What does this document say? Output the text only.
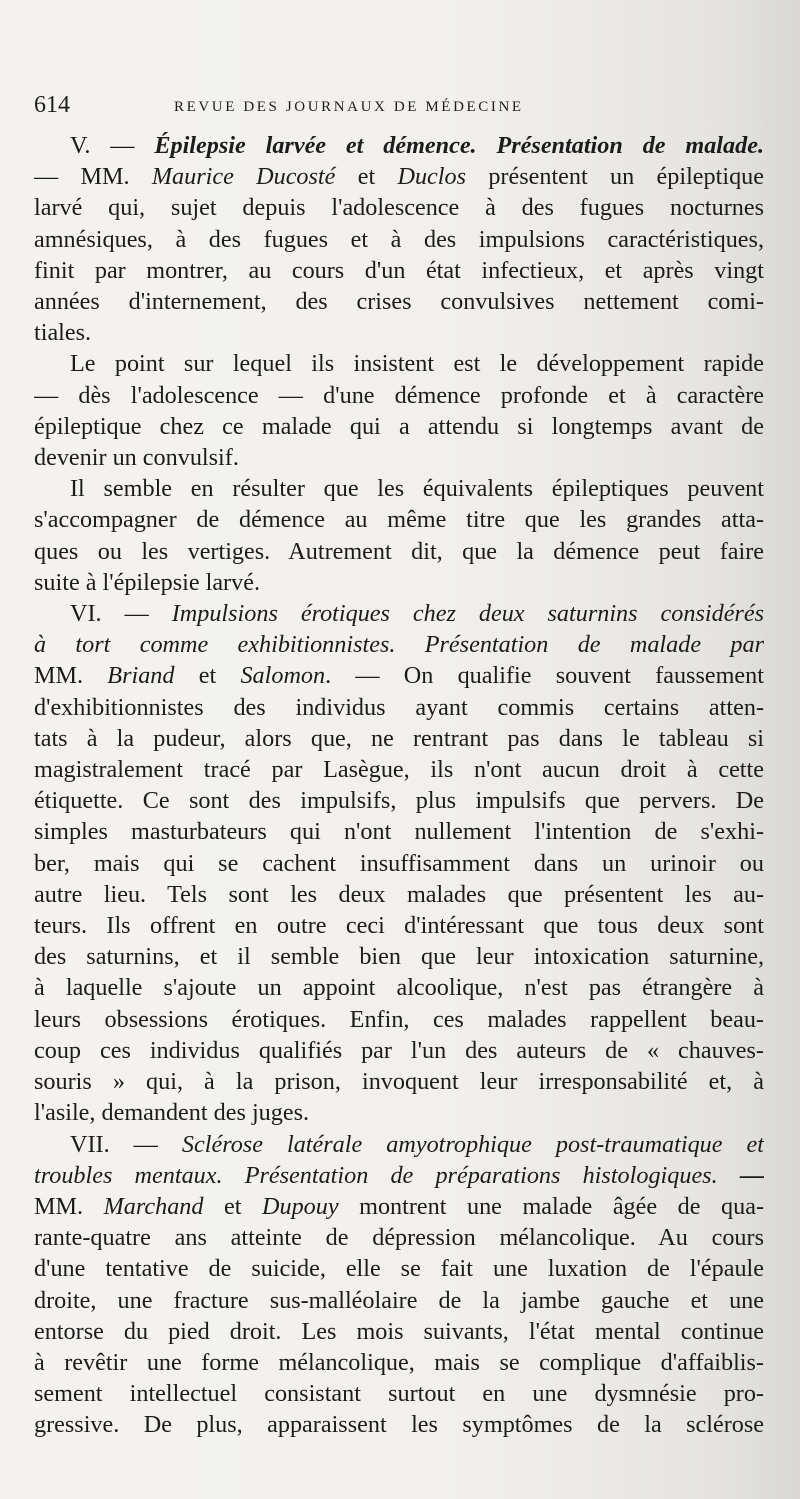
614	REVUE DES JOURNAUX DE MÉDECINE
V. — Épilepsie larvée et démence. Présentation de malade.
— MM. Maurice Ducosté et Duclos présentent un épileptique
larvé qui, sujet depuis l'adolescence à des fugues nocturnes
amnésiques, à des fugues et à des impulsions caractéristiques,
finit par montrer, au cours d'un état infectieux, et après vingt
années d'internement, des crises convulsives nettement comi-
tiales.
Le point sur lequel ils insistent est le développement rapide
— dès l'adolescence — d'une démence profonde et à caractère
épileptique chez ce malade qui a attendu si longtemps avant de
devenir un convulsif.
Il semble en résulter que les équivalents épileptiques peuvent
s'accompagner de démence au même titre que les grandes atta-
ques ou les vertiges. Autrement dit, que la démence peut faire
suite à l'épilepsie larvé.
VI. — Impulsions érotiques chez deux saturnins considérés
à tort comme exhibitionnistes. Présentation de malade par
MM. Briand et Salomon. — On qualifie souvent faussement
d'exhibitionnistes des individus ayant commis certains atten-
tats à la pudeur, alors que, ne rentrant pas dans le tableau si
magistralement tracé par Lasègue, ils n'ont aucun droit à cette
étiquette. Ce sont des impulsifs, plus impulsifs que pervers. De
simples masturbateurs qui n'ont nullement l'intention de s'exhi-
ber, mais qui se cachent insuffisamment dans un urinoir ou
autre lieu. Tels sont les deux malades que présentent les au-
teurs. Ils offrent en outre ceci d'intéressant que tous deux sont
des saturnins, et il semble bien que leur intoxication saturnine,
à laquelle s'ajoute un appoint alcoolique, n'est pas étrangère à
leurs obsessions érotiques. Enfin, ces malades rappellent beau-
coup ces individus qualifiés par l'un des auteurs de « chauves-
souris » qui, à la prison, invoquent leur irresponsabilité et, à
l'asile, demandent des juges.
VII. — Sclérose latérale amyotrophique post-traumatique et
troubles mentaux. Présentation de préparations histologiques. —
MM. Marchand et Dupouy montrent une malade âgée de qua-
rante-quatre ans atteinte de dépression mélancolique. Au cours
d'une tentative de suicide, elle se fait une luxation de l'épaule
droite, une fracture sus-malléolaire de la jambe gauche et une
entorse du pied droit. Les mois suivants, l'état mental continue
à revêtir une forme mélancolique, mais se complique d'affaiblis-
sement intellectuel consistant surtout en une dysmnésie pro-
gressive. De plus, apparaissent les symptômes de la sclérose
